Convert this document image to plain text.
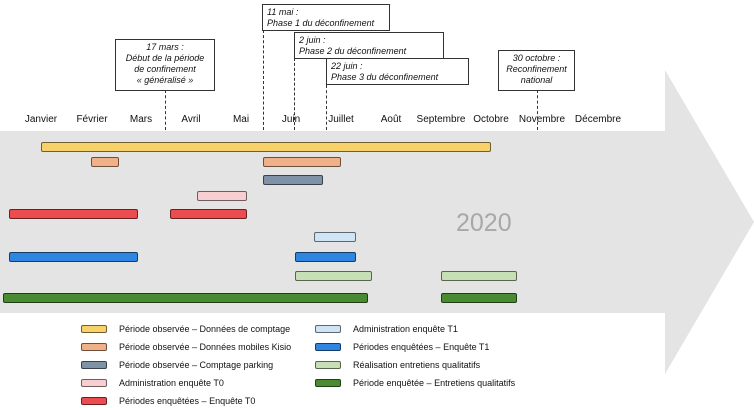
Janvier Février Mars	Avril	Mai	Juin	Juillet	Août Septembre Octobre Novembre Décembre
17 mars :
Début de la période
de confinement
« généralisé »
11 mai :
Phase 1 du déconfinement
2 juin :
Phase 2 du déconfinement
22 juin :
Phase 3 du déconfinement
30 octobre :
Reconfinement
national
2020
Période observée – Données de comptage
Période observée – Données mobiles Kisio
Période observée – Comptage parking
Administration enquête T0
Périodes enquêtées – Enquête T0
Administration enquête T1
Périodes enquêtées – Enquête T1
Réalisation entretiens qualitatifs
Période enquêtée – Entretiens qualitatifs
